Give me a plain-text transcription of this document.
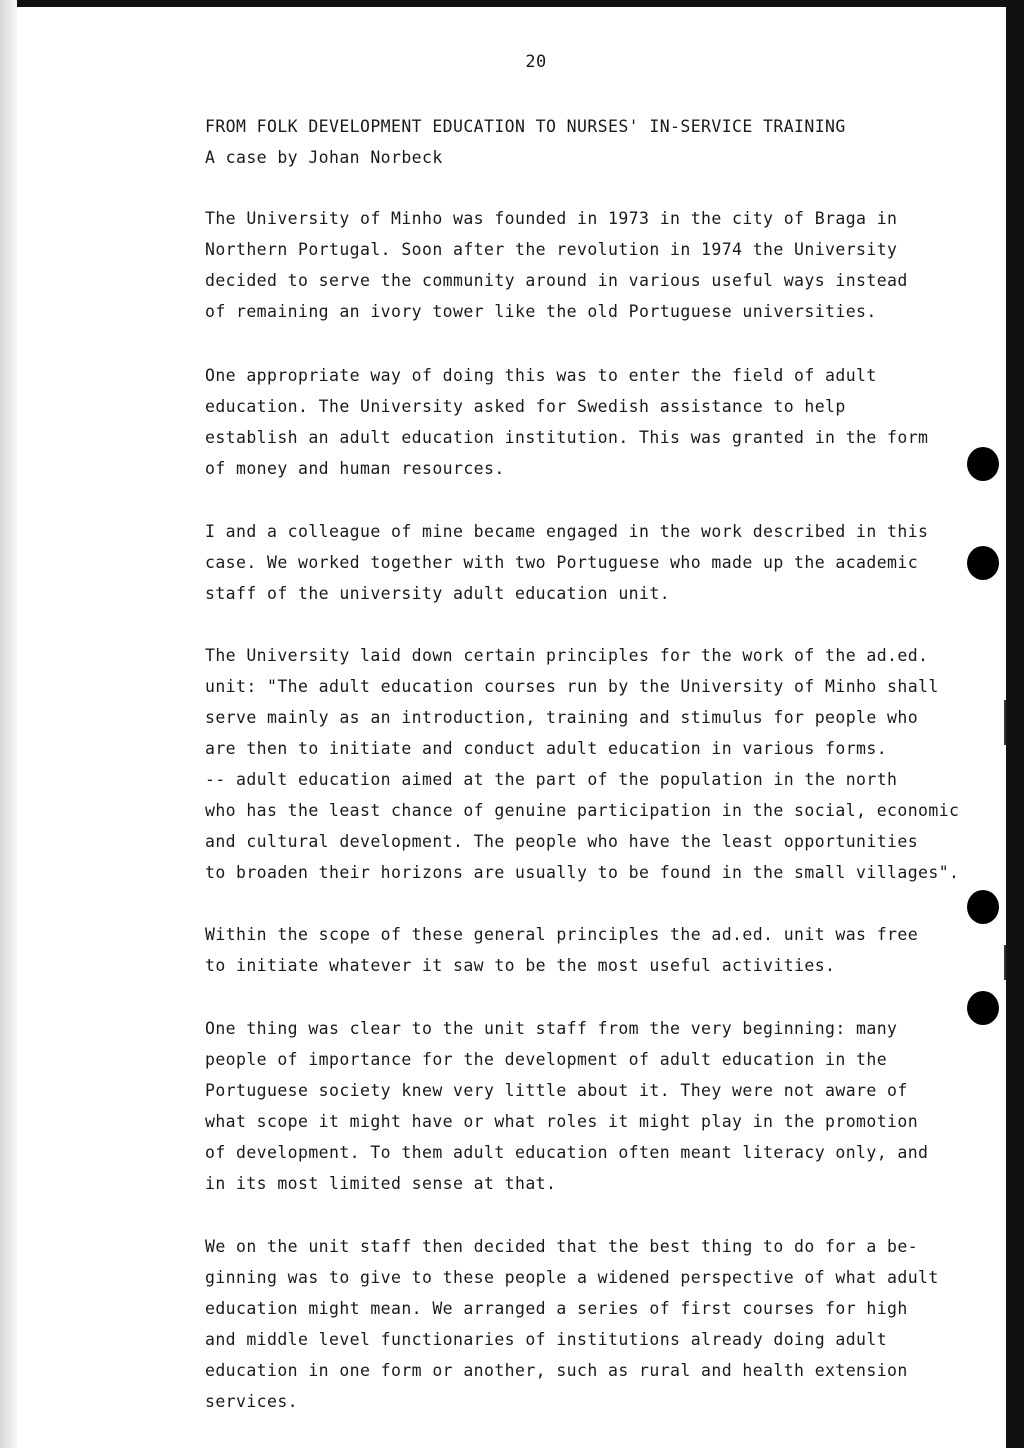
20
FROM FOLK DEVELOPMENT EDUCATION TO NURSES' IN-SERVICE TRAINING
A case by Johan Norbeck
The University of Minho was founded in 1973 in the city of Braga in
Northern Portugal. Soon after the revolution in 1974 the University
decided to serve the community around in various useful ways instead
of remaining an ivory tower like the old Portuguese universities.
One appropriate way of doing this was to enter the field of adult
education. The University asked for Swedish assistance to help
establish an adult education institution. This was granted in the form
of money and human resources.
I and a colleague of mine became engaged in the work described in this
case. We worked together with two Portuguese who made up the academic
staff of the university adult education unit.
The University laid down certain principles for the work of the ad.ed.
unit: "The adult education courses run by the University of Minho shall
serve mainly as an introduction, training and stimulus for people who
are then to initiate and conduct adult education in various forms.
-- adult education aimed at the part of the population in the north
who has the least chance of genuine participation in the social, economic
and cultural development. The people who have the least opportunities
to broaden their horizons are usually to be found in the small villages".
Within the scope of these general principles the ad.ed. unit was free
to initiate whatever it saw to be the most useful activities.
One thing was clear to the unit staff from the very beginning: many
people of importance for the development of adult education in the
Portuguese society knew very little about it. They were not aware of
what scope it might have or what roles it might play in the promotion
of development. To them adult education often meant literacy only, and
in its most limited sense at that.
We on the unit staff then decided that the best thing to do for a be-
ginning was to give to these people a widened perspective of what adult
education might mean. We arranged a series of first courses for high
and middle level functionaries of institutions already doing adult
education in one form or another, such as rural and health extension
services.
